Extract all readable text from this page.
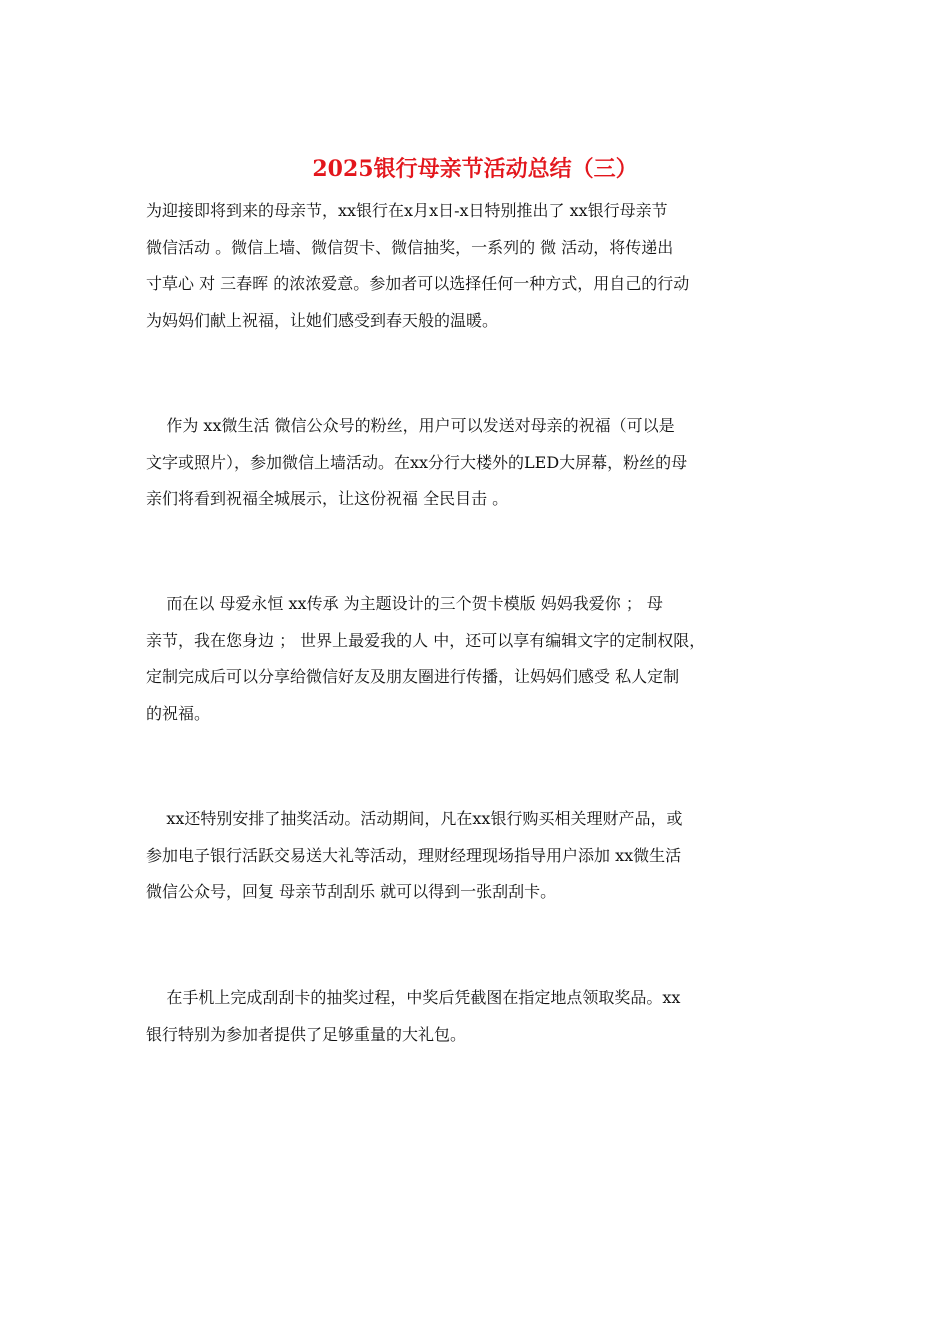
2025银行母亲节活动总结（三）
为迎接即将到来的母亲节，xx银行在x月x日-x日特别推出了 xx银行母亲节
微信活动 。微信上墙、微信贺卡、微信抽奖，一系列的 微 活动，将传递出
寸草心 对 三春晖 的浓浓爱意。参加者可以选择任何一种方式，用自己的行动
为妈妈们献上祝福，让她们感受到春天般的温暖。
作为 xx微生活 微信公众号的粉丝，用户可以发送对母亲的祝福（可以是
文字或照片），参加微信上墙活动。在xx分行大楼外的LED大屏幕，粉丝的母
亲们将看到祝福全城展示，让这份祝福 全民目击 。
而在以 母爱永恒 xx传承 为主题设计的三个贺卡模版 妈妈我爱你 ； 母
亲节，我在您身边 ； 世界上最爱我的人 中，还可以享有编辑文字的定制权限，
定制完成后可以分享给微信好友及朋友圈进行传播，让妈妈们感受 私人定制
的祝福。
xx还特别安排了抽奖活动。活动期间，凡在xx银行购买相关理财产品，或
参加电子银行活跃交易送大礼等活动，理财经理现场指导用户添加 xx微生活
微信公众号，回复 母亲节刮刮乐 就可以得到一张刮刮卡。
在手机上完成刮刮卡的抽奖过程，中奖后凭截图在指定地点领取奖品。xx
银行特别为参加者提供了足够重量的大礼包。
